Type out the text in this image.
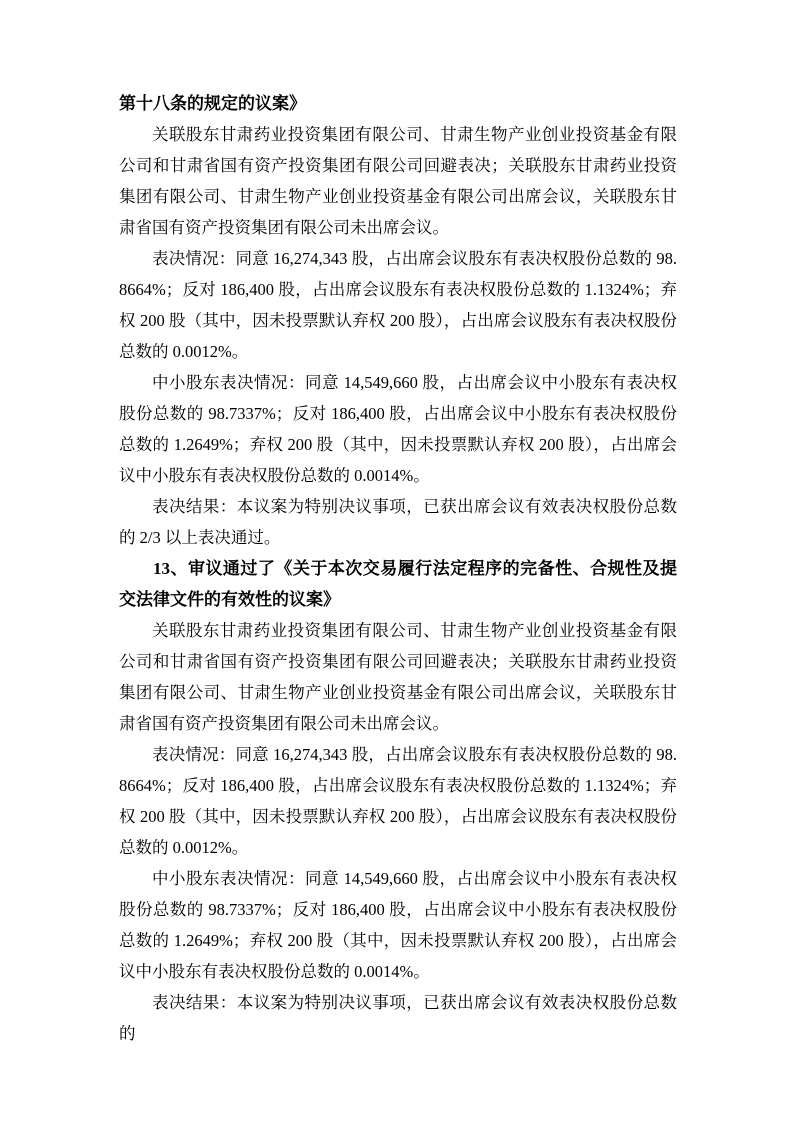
第十八条的规定的议案》

关联股东甘肃药业投资集团有限公司、甘肃生物产业创业投资基金有限公司和甘肃省国有资产投资集团有限公司回避表决；关联股东甘肃药业投资集团有限公司、甘肃生物产业创业投资基金有限公司出席会议，关联股东甘肃省国有资产投资集团有限公司未出席会议。

表决情况：同意 16,274,343 股，占出席会议股东有表决权股份总数的 98.8664%；反对 186,400 股，占出席会议股东有表决权股份总数的 1.1324%；弃权 200 股（其中，因未投票默认弃权 200 股），占出席会议股东有表决权股份总数的 0.0012%。

中小股东表决情况：同意 14,549,660 股，占出席会议中小股东有表决权股份总数的 98.7337%；反对 186,400 股，占出席会议中小股东有表决权股份总数的 1.2649%；弃权 200 股（其中，因未投票默认弃权 200 股），占出席会议中小股东有表决权股份总数的 0.0014%。

表决结果：本议案为特别决议事项，已获出席会议有效表决权股份总数的 2/3 以上表决通过。

13、审议通过了《关于本次交易履行法定程序的完备性、合规性及提交法律文件的有效性的议案》

关联股东甘肃药业投资集团有限公司、甘肃生物产业创业投资基金有限公司和甘肃省国有资产投资集团有限公司回避表决；关联股东甘肃药业投资集团有限公司、甘肃生物产业创业投资基金有限公司出席会议，关联股东甘肃省国有资产投资集团有限公司未出席会议。

表决情况：同意 16,274,343 股，占出席会议股东有表决权股份总数的 98.8664%；反对 186,400 股，占出席会议股东有表决权股份总数的 1.1324%；弃权 200 股（其中，因未投票默认弃权 200 股），占出席会议股东有表决权股份总数的 0.0012%。

中小股东表决情况：同意 14,549,660 股，占出席会议中小股东有表决权股份总数的 98.7337%；反对 186,400 股，占出席会议中小股东有表决权股份总数的 1.2649%；弃权 200 股（其中，因未投票默认弃权 200 股），占出席会议中小股东有表决权股份总数的 0.0014%。

表决结果：本议案为特别决议事项，已获出席会议有效表决权股份总数的
